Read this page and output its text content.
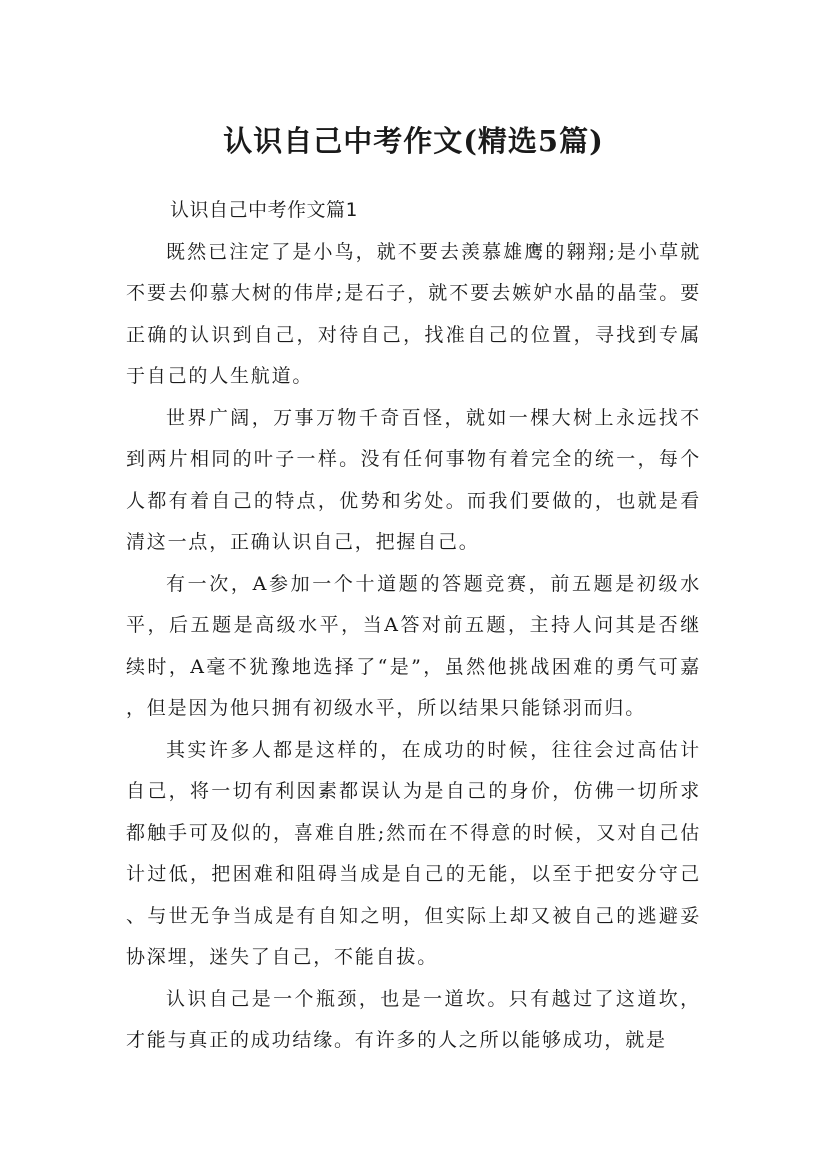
认识自己中考作文(精选5篇)

认识自己中考作文篇1

既然已注定了是小鸟，就不要去羡慕雄鹰的翱翔;是小草就不要去仰慕大树的伟岸;是石子，就不要去嫉妒水晶的晶莹。要正确的认识到自己，对待自己，找准自己的位置，寻找到专属于自己的人生航道。

世界广阔，万事万物千奇百怪，就如一棵大树上永远找不到两片相同的叶子一样。没有任何事物有着完全的统一，每个人都有着自己的特点，优势和劣处。而我们要做的，也就是看清这一点，正确认识自己，把握自己。

有一次，A参加一个十道题的答题竞赛，前五题是初级水平，后五题是高级水平，当A答对前五题，主持人问其是否继续时，A毫不犹豫地选择了“是”，虽然他挑战困难的勇气可嘉，但是因为他只拥有初级水平，所以结果只能铩羽而归。

其实许多人都是这样的，在成功的时候，往往会过高估计自己，将一切有利因素都误认为是自己的身价，仿佛一切所求都触手可及似的，喜难自胜;然而在不得意的时候，又对自己估计过低，把困难和阻碍当成是自己的无能，以至于把安分守己、与世无争当成是有自知之明，但实际上却又被自己的逃避妥协深埋，迷失了自己，不能自拔。

认识自己是一个瓶颈，也是一道坎。只有越过了这道坎，才能与真正的成功结缘。有许多的人之所以能够成功，就是
